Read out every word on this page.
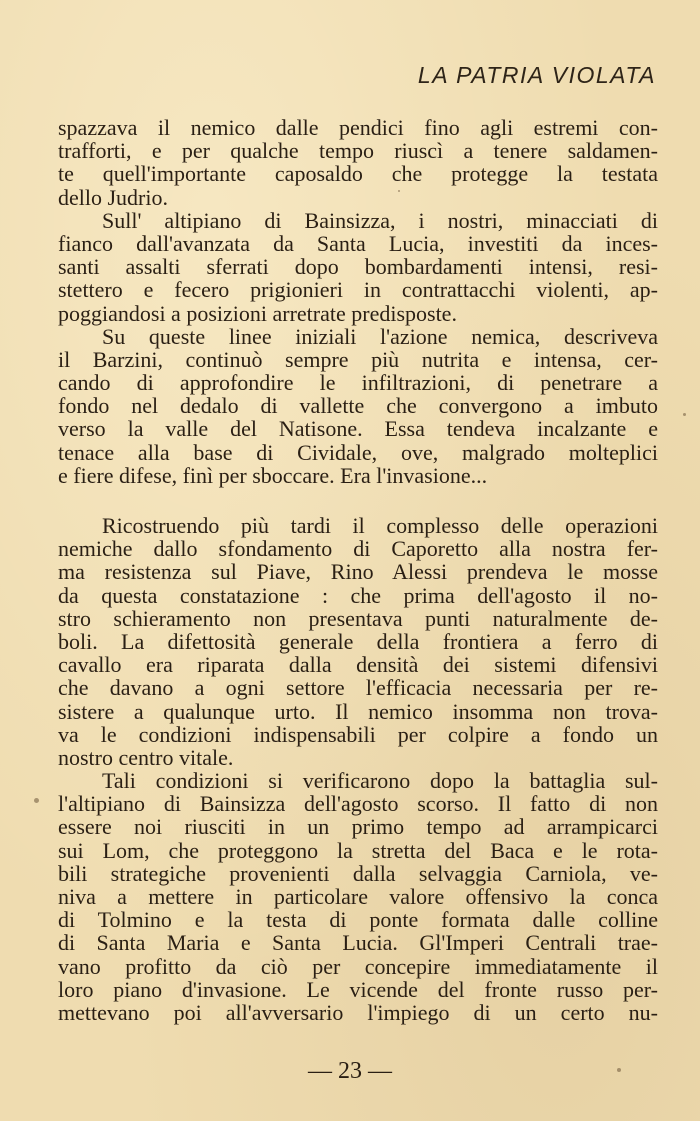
LA PATRIA VIOLATA
spazzava il nemico dalle pendici fino agli estremi con-
trafforti, e per qualche tempo riuscì a tenere saldamen-
te quell'importante caposaldo che protegge la testata
dello Judrio.
Sull' altipiano di Bainsizza, i nostri, minacciati di
fianco dall'avanzata da Santa Lucia, investiti da inces-
santi assalti sferrati dopo bombardamenti intensi, resi-
stettero e fecero prigionieri in contrattacchi violenti, ap-
poggiandosi a posizioni arretrate predisposte.
Su queste linee iniziali l'azione nemica, descriveva
il Barzini, continuò sempre più nutrita e intensa, cer-
cando di approfondire le infiltrazioni, di penetrare a
fondo nel dedalo di vallette che convergono a imbuto
verso la valle del Natisone. Essa tendeva incalzante e
tenace alla base di Cividale, ove, malgrado molteplici
e fiere difese, finì per sboccare. Era l'invasione...
Ricostruendo più tardi il complesso delle operazioni
nemiche dallo sfondamento di Caporetto alla nostra fer-
ma resistenza sul Piave, Rino Alessi prendeva le mosse
da questa constatazione : che prima dell'agosto il no-
stro schieramento non presentava punti naturalmente de-
boli. La difettosità generale della frontiera a ferro di
cavallo era riparata dalla densità dei sistemi difensivi
che davano a ogni settore l'efficacia necessaria per re-
sistere a qualunque urto. Il nemico insomma non trova-
va le condizioni indispensabili per colpire a fondo un
nostro centro vitale.
Tali condizioni si verificarono dopo la battaglia sul-
l'altipiano di Bainsizza dell'agosto scorso. Il fatto di non
essere noi riusciti in un primo tempo ad arrampicarci
sui Lom, che proteggono la stretta del Baca e le rota-
bili strategiche provenienti dalla selvaggia Carniola, ve-
niva a mettere in particolare valore offensivo la conca
di Tolmino e la testa di ponte formata dalle colline
di Santa Maria e Santa Lucia. Gl'Imperi Centrali trae-
vano profitto da ciò per concepire immediatamente il
loro piano d'invasione. Le vicende del fronte russo per-
mettevano poi all'avversario l'impiego di un certo nu-
— 23 —
